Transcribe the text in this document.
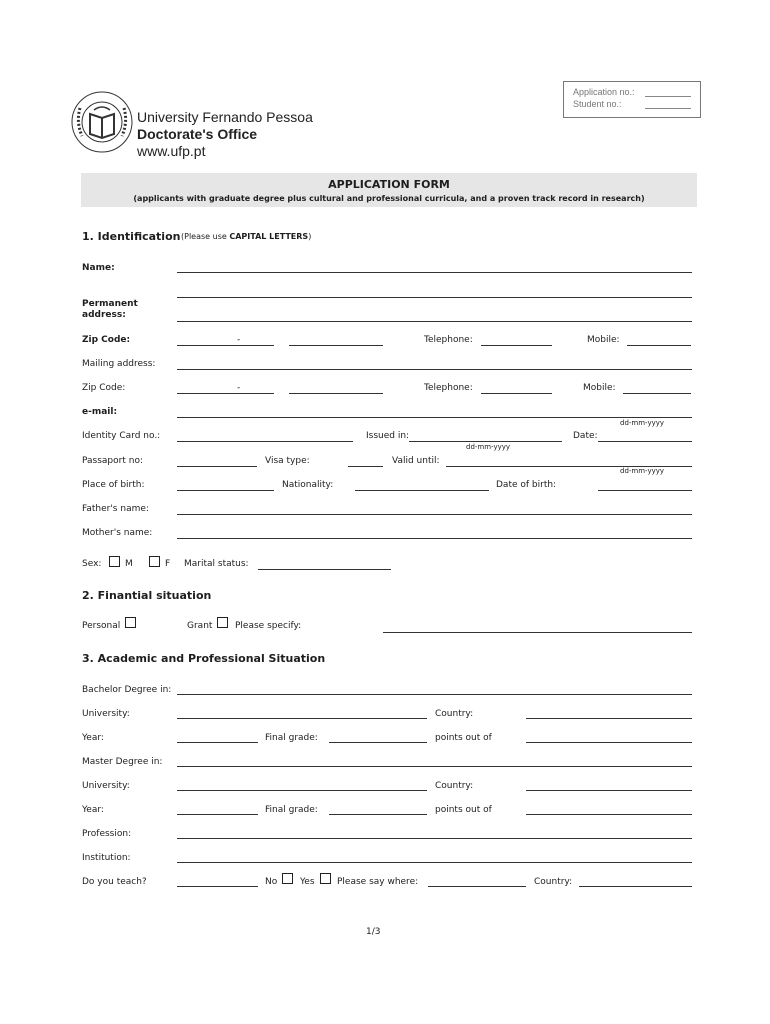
University Fernando Pessoa
Doctorate's Office
www.ufp.pt
Application no.:
Student no.:
APPLICATION FORM
(applicants with graduate degree plus cultural and professional curricula, and a proven track record in research)
1. Identification (Please use CAPITAL LETTERS)
Name:
Permanent
address:
Zip Code:	-	Telephone:	Mobile:
Mailing address:
Zip Code:	-	Telephone:	Mobile:
e-mail:
dd-mm-yyyy
Identity Card no.:	Issued in:	Date:
dd-mm-yyyy
Passaport no:	Visa type:	Valid until:
dd-mm-yyyy
Place of birth:	Nationality:	Date of birth:
Father's name:
Mother's name:
Sex:	M	F Marital status:
2. Finantial situation
Personal	Grant	Please specify:
3. Academic and Professional Situation
Bachelor Degree in:
University:	Country:
Year:	Final grade:	points out of
Master Degree in:
University:	Country:
Year:	Final grade:	points out of
Profession:
Institution:
Do you teach?	No	Yes Please say where:	Country:
1/3
